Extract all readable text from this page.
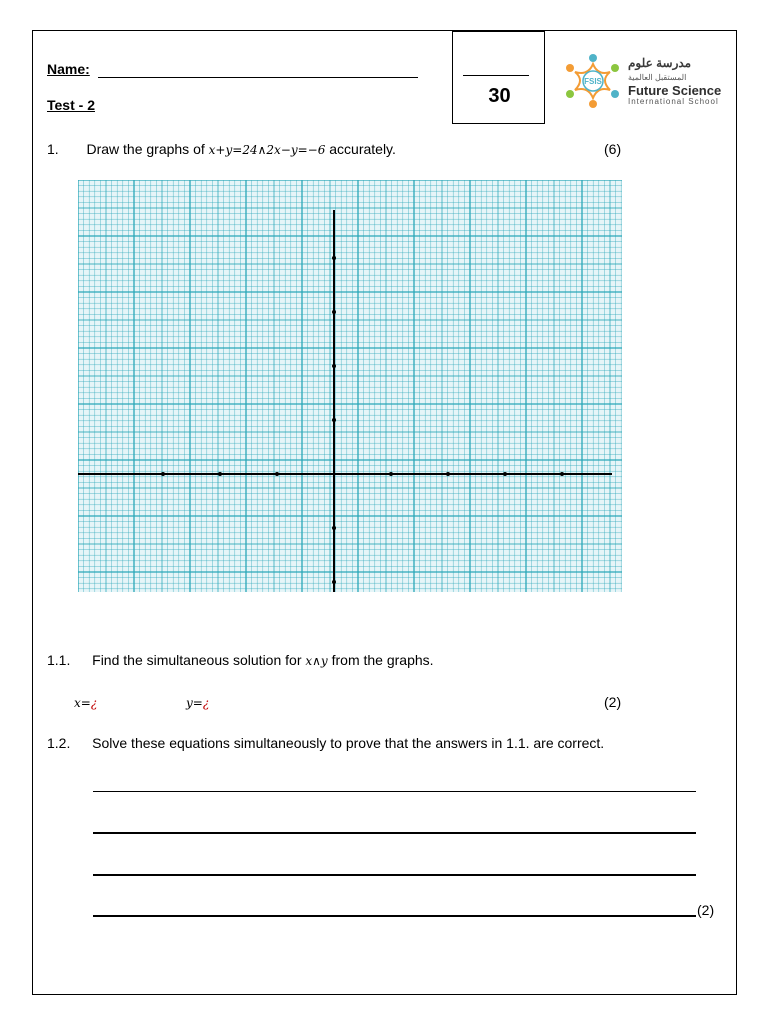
Name:
Test - 2	30
FSIS
مدرسة علوم
المستقبل العالمية
Future Science
International School
1. Draw the graphs of x+y=24∧2x−y=−6 accurately.	(6)
1.1. Find the simultaneous solution for x∧y from the graphs.
x=¿	y=¿	(2)
1.2. Solve these equations simultaneously to prove that the answers in 1.1. are correct.
(2)
